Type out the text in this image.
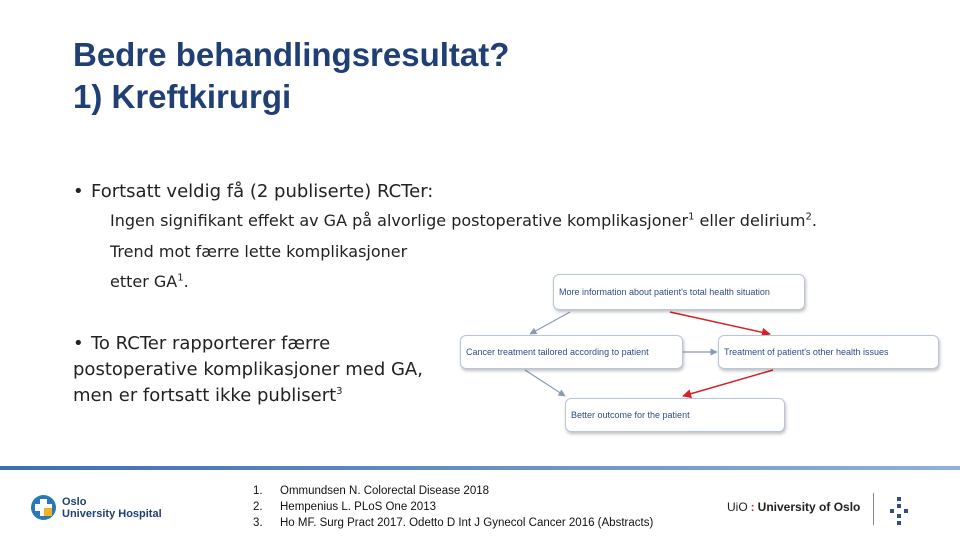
Bedre behandlingsresultat?
1) Kreftkirurgi
• Fortsatt veldig få (2 publiserte) RCTer:
Ingen signifikant effekt av GA på alvorlige postoperative komplikasjoner$^1$ eller delirium$^2$.
Trend mot færre lette komplikasjoner
etter $GA^1$.
• To RCTer rapporterer færre
postoperative komplikasjoner med GA,
men er fortsatt ikke publisert$^3$
More information about patient's total health situation
Cancer treatment tailored according to patient	Treatment of patient's other health issues
Better outcome for the patient
Oslo
University Hospital
1.	Ommundsen N. Colorectal Disease 2018
2.	Hempenius L. PLoS One 2013
3.	Ho MF. Surg Pract 2017. Odetto D Int J Gynecol Cancer 2016 (Abstracts)
UiO : University of Oslo
